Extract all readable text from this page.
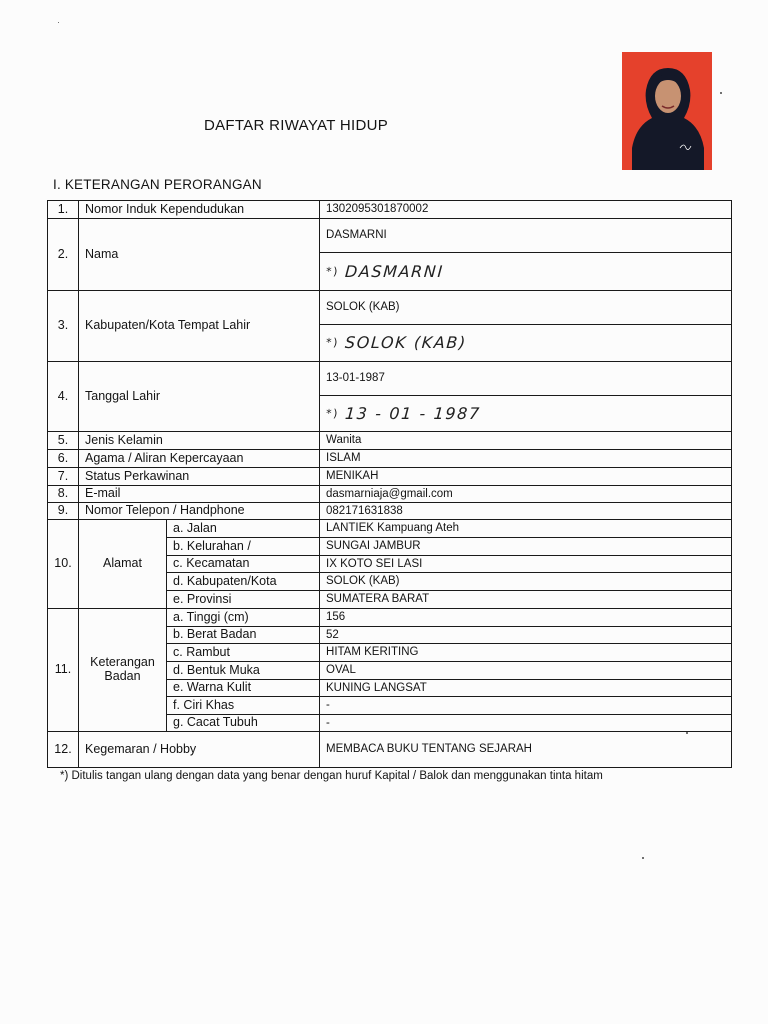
DAFTAR RIWAYAT HIDUP
I. KETERANGAN PERORANGAN
1.	Nomor Induk Kependudukan		1302095301870002
2.	Nama		DASMARNI
			*) DASMARNI
3.	Kabupaten/Kota Tempat Lahir		SOLOK (KAB)
			*) SOLOK (KAB)
4.	Tanggal Lahir		13-01-1987
			*) 13 - 01 - 1987
5.	Jenis Kelamin		Wanita
6.	Agama / Aliran Kepercayaan		ISLAM
7.	Status Perkawinan		MENIKAH
8.	E-mail		dasmarniaja@gmail.com
9.	Nomor Telepon / Handphone		082171631838
10.	Alamat	a. Jalan	LANTIEK Kampuang Ateh
		b. Kelurahan /	SUNGAI JAMBUR
		c. Kecamatan	IX KOTO SEI LASI
		d. Kabupaten/Kota	SOLOK (KAB)
		e. Provinsi	SUMATERA BARAT
11.	Keterangan
Badan	a. Tinggi (cm)	156
		b. Berat Badan	52
		c. Rambut	HITAM KERITING
		d. Bentuk Muka	OVAL
		e. Warna Kulit	KUNING LANGSAT
		f. Ciri Khas	-
		g. Cacat Tubuh	-
12.	Kegemaran / Hobby		MEMBACA BUKU TENTANG SEJARAH
*) Ditulis tangan ulang dengan data yang benar dengan huruf Kapital / Balok dan menggunakan tinta hitam
